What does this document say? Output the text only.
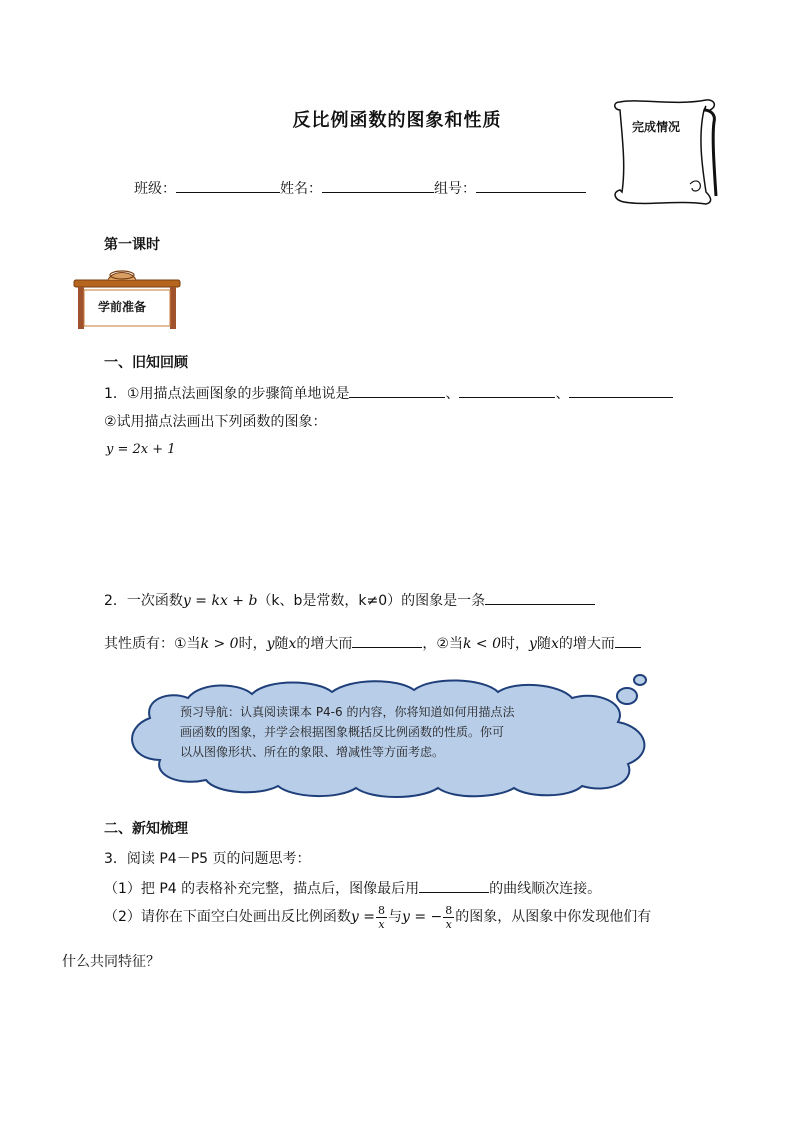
反比例函数的图象和性质	完成情况
班级：	姓名：	组号：
第一课时
学前准备
一、旧知回顾
1．①用描点法画图象的步骤简单地说是	、	、
②试用描点法画出下列函数的图象：
y = 2x + 1
2．一次函数y = kx + b（k、b是常数，k≠0）的图象是一条
其性质有：①当k > 0时，y随x的增大而	，②当k < 0时，y随x的增大而
预习导航：认真阅读课本 P4-6 的内容，你将知道如何用描点法
画函数的图象，并学会根据图象概括反比例函数的性质。你可
以从图像形状、所在的象限、增减性等方面考虑。
二、新知梳理
3．阅读 P4－P5 页的问题思考：
（1）把 P4 的表格补充完整，描点后，图像最后用	的曲线顺次连接。
（2）请你在下面空白处画出反比例函数$y = \frac{8}{x}$ 与y = − $\frac{8}{x}$ 的图象，从图象中你发现他们有
什么共同特征？
